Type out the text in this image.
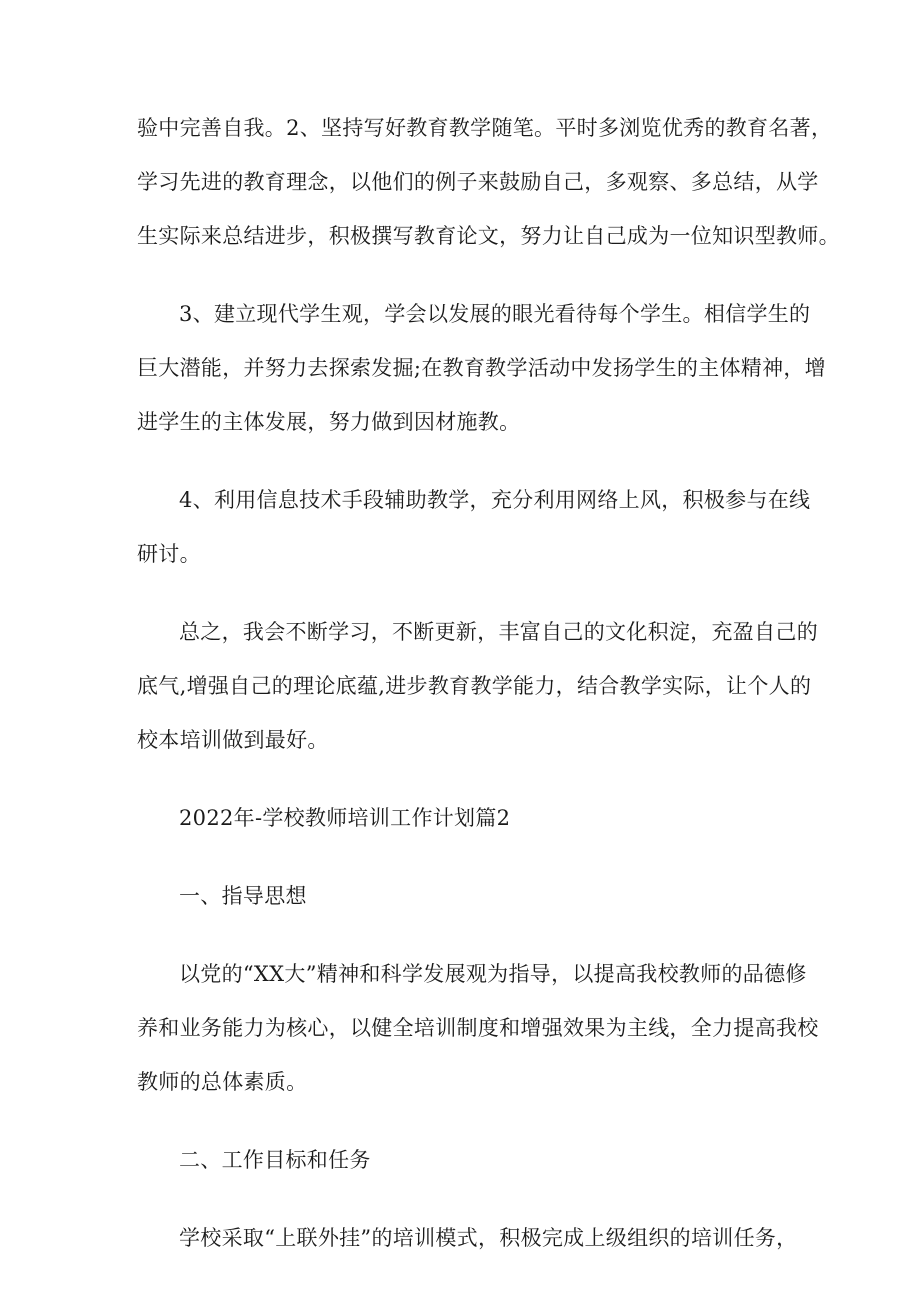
验中完善自我。2、坚持写好教育教学随笔。平时多浏览优秀的教育名著，
学习先进的教育理念，以他们的例子来鼓励自己，多观察、多总结，从学
生实际来总结进步，积极撰写教育论文，努力让自己成为一位知识型教师。
3、建立现代学生观，学会以发展的眼光看待每个学生。相信学生的
巨大潜能，并努力去探索发掘;在教育教学活动中发扬学生的主体精神，增
进学生的主体发展，努力做到因材施教。
4、利用信息技术手段辅助教学，充分利用网络上风，积极参与在线
研讨。
总之，我会不断学习，不断更新，丰富自己的文化积淀，充盈自己的
底气,增强自己的理论底蕴,进步教育教学能力，结合教学实际，让个人的
校本培训做到最好。
2022年-学校教师培训工作计划篇2
一、指导思想
以党的“XX大”精神和科学发展观为指导，以提高我校教师的品德修
养和业务能力为核心，以健全培训制度和增强效果为主线，全力提高我校
教师的总体素质。
二、工作目标和任务
学校采取“上联外挂”的培训模式，积极完成上级组织的培训任务，
